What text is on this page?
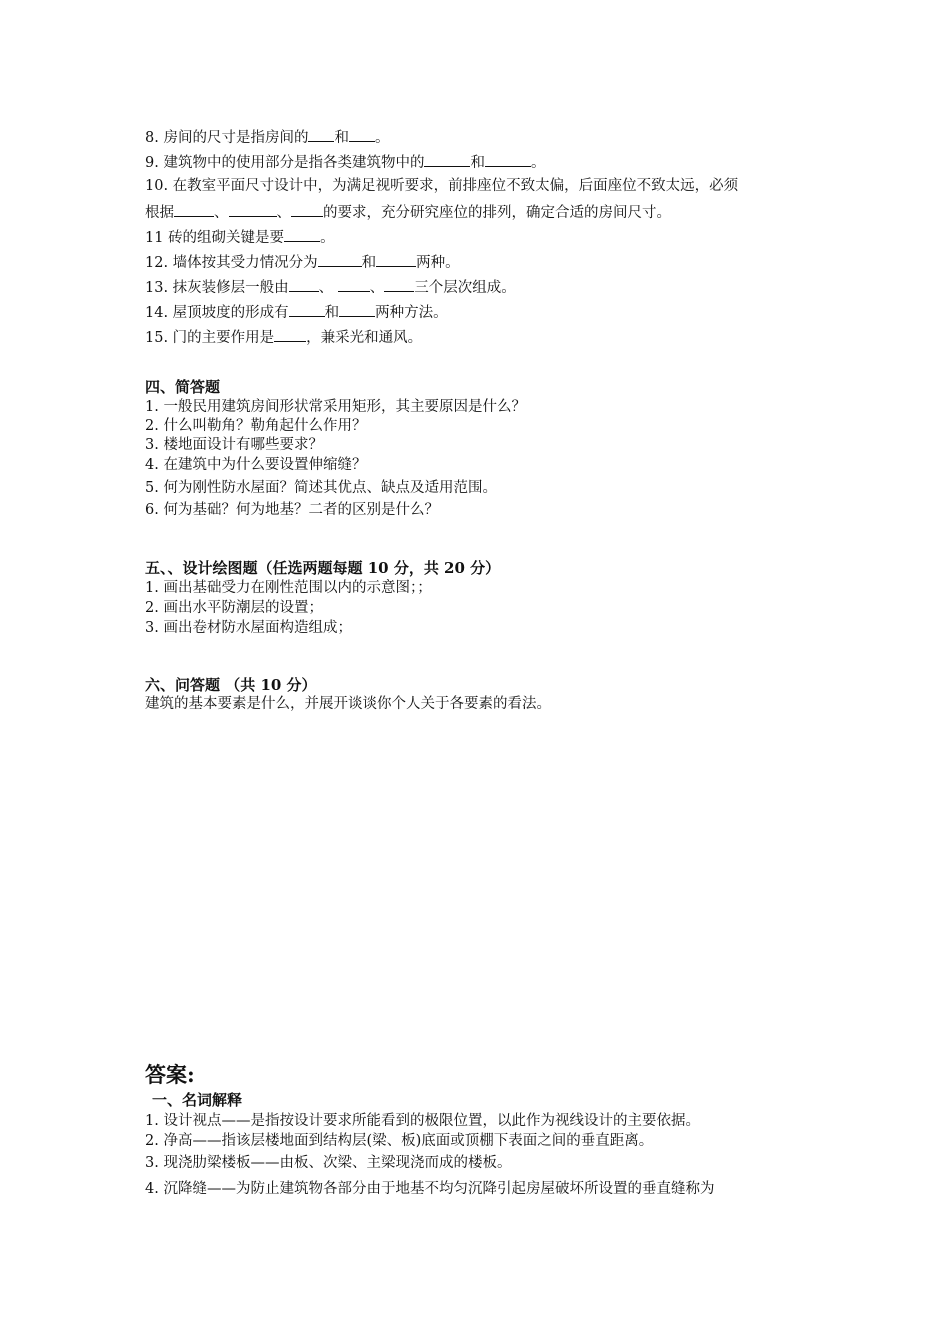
8. 房间的尺寸是指房间的 和 。
9. 建筑物中的使用部分是指各类建筑物中的	和	。
10. 在教室平面尺寸设计中，为满足视听要求，前排座位不致太偏，后面座位不致太远，必须
根据	、	、 的要求，充分研究座位的排列，确定合适的房间尺寸。
11 砖的组砌关键是要 。
12. 墙体按其受力情况分为	和	两种。
13. 抹灰装修层一般由 、	、 三个层次组成。
14. 屋顶坡度的形成有 和 两种方法。
15. 门的主要作用是 ，兼采光和通风。
四、简答题
1. 一般民用建筑房间形状常采用矩形，其主要原因是什么？
2. 什么叫勒角？勒角起什么作用？
3. 楼地面设计有哪些要求？
4. 在建筑中为什么要设置伸缩缝？
5. 何为刚性防水屋面？简述其优点、缺点及适用范围。
6. 何为基础？何为地基？二者的区别是什么？
五、、设计绘图题（任选两题每题 10 分，共 20 分）
1. 画出基础受力在刚性范围以内的示意图；；
2. 画出水平防潮层的设置；
3. 画出卷材防水屋面构造组成；
六、问答题 （共 10 分）
建筑的基本要素是什么，并展开谈谈你个人关于各要素的看法。
答案:
一、名词解释
1. 设计视点——是指按设计要求所能看到的极限位置，以此作为视线设计的主要依据。
2. 净高——指该层楼地面到结构层(梁、板)底面或顶棚下表面之间的垂直距离。
3. 现浇肋梁楼板——由板、次梁、主梁现浇而成的楼板。
4. 沉降缝——为防止建筑物各部分由于地基不均匀沉降引起房屋破坏所设置的垂直缝称为
